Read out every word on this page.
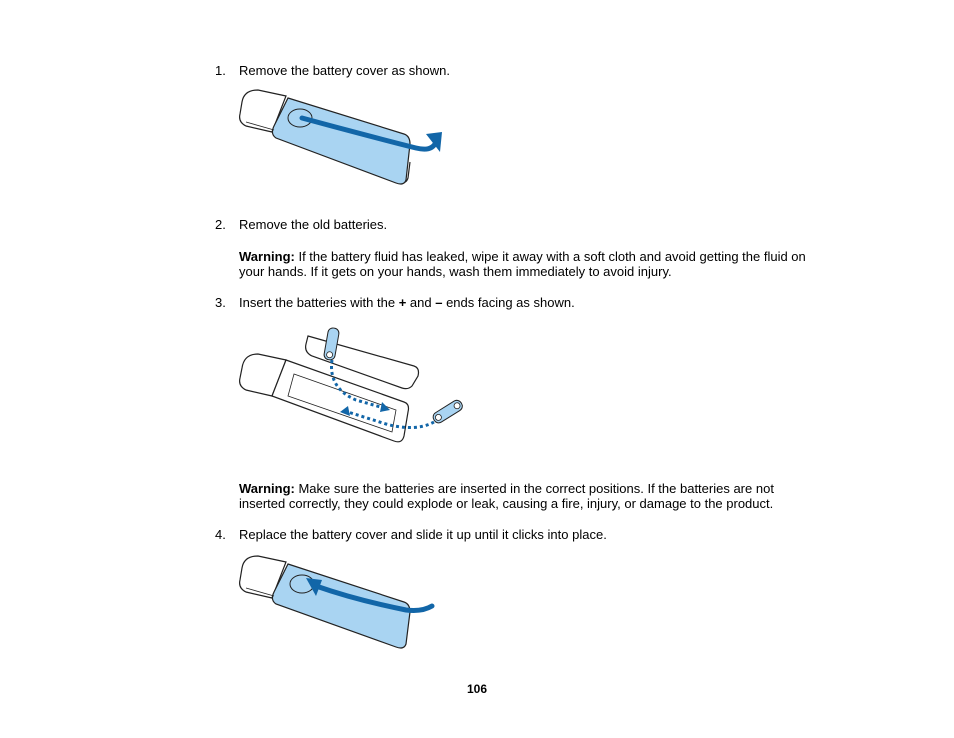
1. Remove the battery cover as shown.
2. Remove the old batteries.
Warning: If the battery fluid has leaked, wipe it away with a soft cloth and avoid getting the fluid on your hands. If it gets on your hands, wash them immediately to avoid injury.
3. Insert the batteries with the + and – ends facing as shown.
Warning: Make sure the batteries are inserted in the correct positions. If the batteries are not inserted correctly, they could explode or leak, causing a fire, injury, or damage to the product.
4. Replace the battery cover and slide it up until it clicks into place.
106
